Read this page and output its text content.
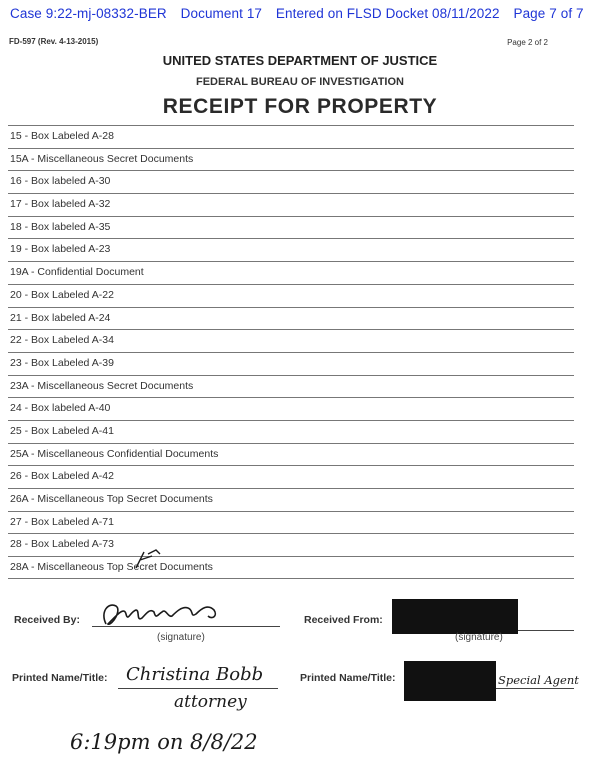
Case 9:22-mj-08332-BER Document 17 Entered on FLSD Docket 08/11/2022 Page 7 of 7
FD-597 (Rev. 4-13-2015)	Page 2 of 2
UNITED STATES DEPARTMENT OF JUSTICE
FEDERAL BUREAU OF INVESTIGATION
RECEIPT FOR PROPERTY
15 - Box Labeled A-28
15A - Miscellaneous Secret Documents
16 - Box labeled A-30
17 - Box labeled A-32
18 - Box labeled A-35
19 - Box labeled A-23
19A - Confidential Document
20 - Box Labeled A-22
21 - Box labeled A-24
22 - Box Labeled A-34
23 - Box Labeled A-39
23A - Miscellaneous Secret Documents
24 - Box labeled A-40
25 - Box Labeled A-41
25A - Miscellaneous Confidential Documents
26 - Box Labeled A-42
26A - Miscellaneous Top Secret Documents
27 - Box Labeled A-71
28 - Box Labeled A-73
28A - Miscellaneous Top Secret Documents
Received By:
(signature)
Received From:
(signature)
Printed Name/Title: Christina Bobb
attorney
Printed Name/Title:	Special Agent
6:19pm on 8/8/22
